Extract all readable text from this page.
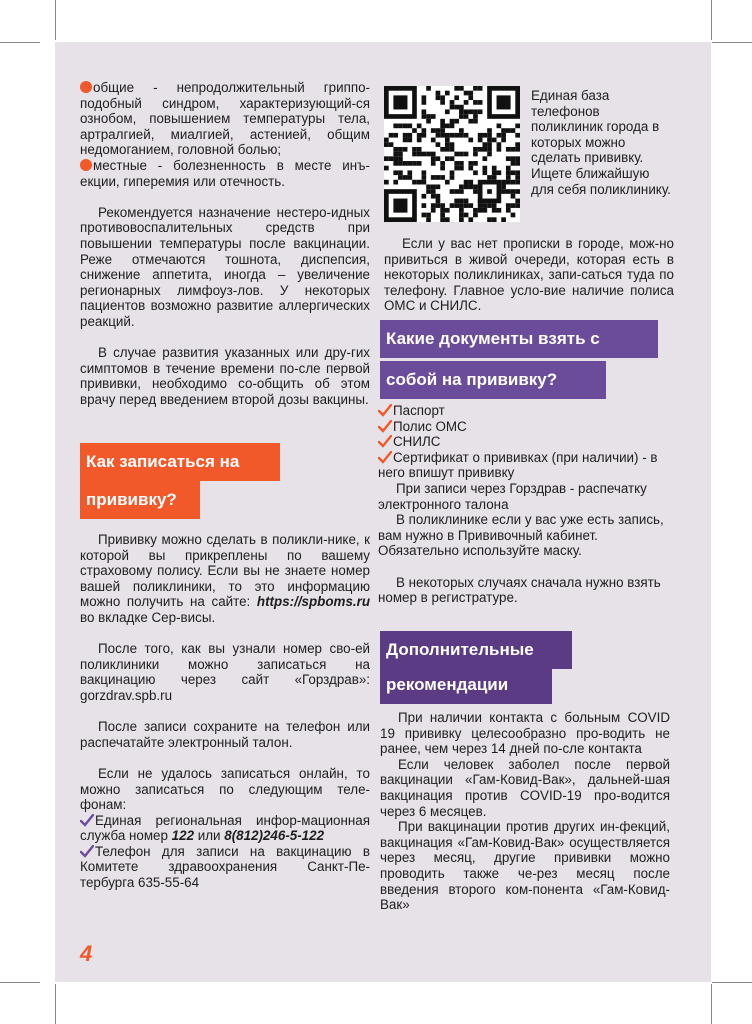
общие - непродолжительный гриппо-подобный синдром, характеризующий-ся ознобом, повышением температуры тела, артралгией, миалгией, астенией, общим недомоганием, головной болью;

местные - болезненность в месте инъ-екции, гиперемия или отечность.

Рекомендуется назначение нестеро-идных противовоспалительных средств при повышении температуры после вакцинации. Реже отмечаются тошнота, диспепсия, снижение аппетита, иногда – увеличение регионарных лимфоуз-лов. У некоторых пациентов возможно развитие аллергических реакций.

В случае развития указанных или дру-гих симптомов в течение времени по-сле первой прививки, необходимо со-общить об этом врачу перед введением второй дозы вакцины.

Как записаться на
прививку?

Прививку можно сделать в поликли-нике, к которой вы прикреплены по вашему страховому полису. Если вы не знаете номер вашей поликлиники, то это информацию можно получить на сайте: https://spboms.ru во вкладке Сер-висы.

После того, как вы узнали номер сво-ей поликлиники можно записаться на вакцинацию через сайт «Горздрав»: gorzdrav.spb.ru

После записи сохраните на телефон или распечатайте электронный талон.

Если не удалось записаться онлайн, то можно записаться по следующим теле-фонам:

Единая региональная инфор-мационная служба номер 122 или 8(812)246-5-122

Телефон для записи на вакцинацию в Комитете здравоохранения Санкт-Пе-тербурга 635-55-64

4
Единая база телефонов поликлиник города в которых можно сделать прививку. Ищете ближайшую для себя поликлинику.

Если у вас нет прописки в городе, мож-но привиться в живой очереди, которая есть в некоторых поликлиниках, запи-саться туда по телефону. Главное усло-вие наличие полиса ОМС и СНИЛС.

Какие документы взять с
собой на прививку?

Паспорт

Полис ОМС

СНИЛС

Сертификат о прививках (при наличии) - в него впишут прививку

При записи через Горздрав - распечатку электронного талона

В поликлинике если у вас уже есть запись, вам нужно в Прививочный кабинет. Обязательно используйте маску.

В некоторых случаях сначала нужно взять номер в регистратуре.

Дополнительные
рекомендации

При наличии контакта с больным COVID 19 прививку целесообразно про-водить не ранее, чем через 14 дней по-сле контакта

Если человек заболел после первой вакцинации «Гам-Ковид-Вак», дальней-шая вакцинация против COVID-19 про-водится через 6 месяцев.

При вакцинации против других ин-фекций, вакцинация «Гам-Ковид-Вак» осуществляется через месяц, другие прививки можно проводить также че-рез месяц после введения второго ком-понента «Гам-Ковид-Вак»
